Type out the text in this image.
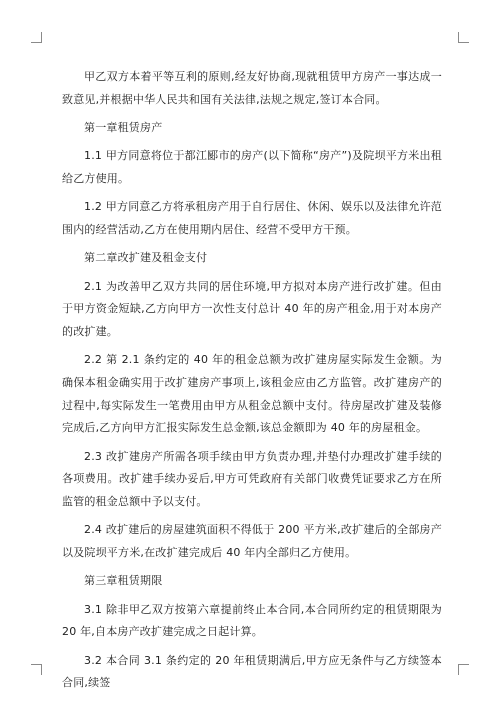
甲乙双方本着平等互利的原则,经友好协商,现就租赁甲方房产一事达成一致意见,并根据中华人民共和国有关法律,法规之规定,签订本合同。

第一章租赁房产

1.1 甲方同意将位于都江郾市的房产(以下简称“房产”)及院坝平方米出租给乙方使用。

1.2 甲方同意乙方将承租房产用于自行居住、休闲、娱乐以及法律允许范围内的经营活动,乙方在使用期内居住、经营不受甲方干预。

第二章改扩建及租金支付

2.1 为改善甲乙双方共同的居住环境,甲方拟对本房产进行改扩建。但由于甲方资金短缺,乙方向甲方一次性支付总计 40 年的房产租金,用于对本房产的改扩建。

2.2 第 2.1 条约定的 40 年的租金总额为改扩建房屋实际发生金额。为确保本租金确实用于改扩建房产事项上,该租金应由乙方监管。改扩建房产的过程中,每实际发生一笔费用由甲方从租金总额中支付。待房屋改扩建及装修完成后,乙方向甲方汇报实际发生总金额,该总金额即为 40 年的房屋租金。

2.3 改扩建房产所需各项手续由甲方负责办理,并垫付办理改扩建手续的各项费用。改扩建手续办妥后,甲方可凭政府有关部门收费凭证要求乙方在所监管的租金总额中予以支付。

2.4 改扩建后的房屋建筑面积不得低于 200 平方米,改扩建后的全部房产以及院坝平方米,在改扩建完成后 40 年内全部归乙方使用。

第三章租赁期限

3.1 除非甲乙双方按第六章提前终止本合同,本合同所约定的租赁期限为 20 年,自本房产改扩建完成之日起计算。

3.2 本合同 3.1 条约定的 20 年租赁期满后,甲方应无条件与乙方续签本合同,续签
